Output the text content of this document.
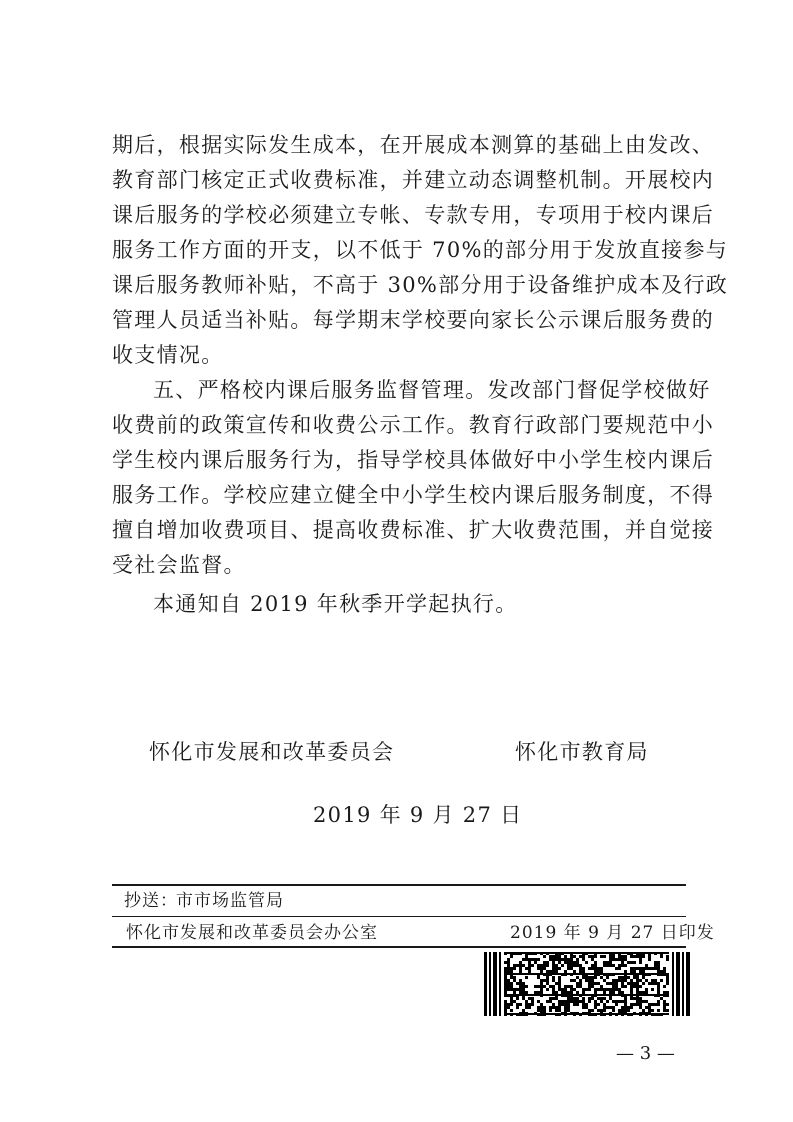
期后，根据实际发生成本，在开展成本测算的基础上由发改、
教育部门核定正式收费标准，并建立动态调整机制。开展校内
课后服务的学校必须建立专帐、专款专用，专项用于校内课后
服务工作方面的开支，以不低于 70%的部分用于发放直接参与
课后服务教师补贴，不高于 30%部分用于设备维护成本及行政
管理人员适当补贴。每学期末学校要向家长公示课后服务费的
收支情况。
五、严格校内课后服务监督管理。发改部门督促学校做好
收费前的政策宣传和收费公示工作。教育行政部门要规范中小
学生校内课后服务行为，指导学校具体做好中小学生校内课后
服务工作。学校应建立健全中小学生校内课后服务制度，不得
擅自增加收费项目、提高收费标准、扩大收费范围，并自觉接
受社会监督。
本通知自 2019 年秋季开学起执行。
怀化市发展和改革委员会	怀化市教育局
2019 年 9 月 27 日
抄送：
市市场监管局
怀化市发展和改革委员会办公室	2019 年 9 月 27 日印发
— 3 —
